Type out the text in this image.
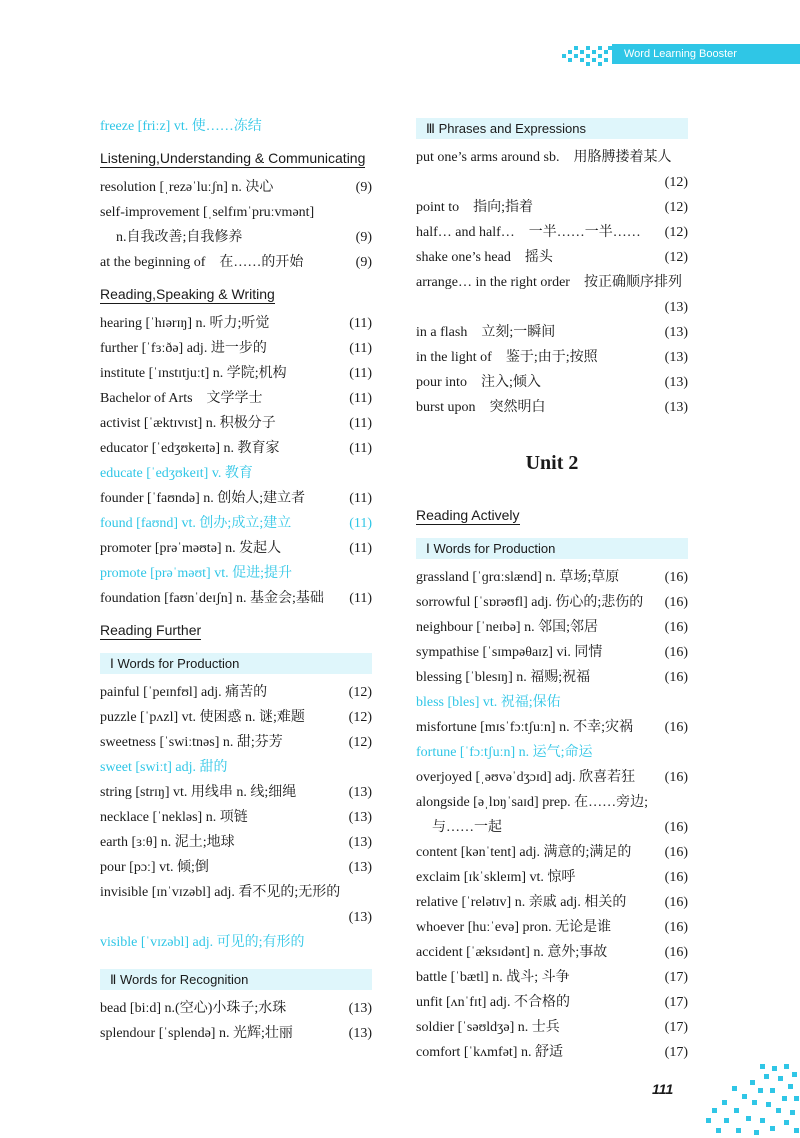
Word Learning Booster
freeze [friːz] vt. 使……冻结
Listening,Understanding & Communicating
resolution [ˌrezəˈluːʃn] n. 决心	(9)
self-improvement [ˌselfɪmˈpruːvmənt]
n.自我改善;自我修养	(9)
at the beginning of　在……的开始	(9)
Reading,Speaking & Writing
hearing [ˈhɪərɪŋ] n. 听力;听觉	(11)
further [ˈfɜːðə] adj. 进一步的	(11)
institute [ˈɪnstɪtjuːt] n. 学院;机构	(11)
Bachelor of Arts　文学学士	(11)
activist [ˈæktɪvɪst] n. 积极分子	(11)
educator [ˈedʒʊkeɪtə] n. 教育家	(11)
educate [ˈedʒʊkeɪt] v. 教育
founder [ˈfaʊndə] n. 创始人;建立者	(11)
found [faʊnd] vt. 创办;成立;建立	(11)
promoter [prəˈməʊtə] n. 发起人	(11)
promote [prəˈməʊt] vt. 促进;提升
foundation [faʊnˈdeɪʃn] n. 基金会;基础	(11)
Reading Further
Ⅰ Words for Production
painful [ˈpeɪnfʊl] adj. 痛苦的	(12)
puzzle [ˈpʌzl] vt. 使困惑 n. 谜;难题	(12)
sweetness [ˈswiːtnəs] n. 甜;芬芳	(12)
sweet [swiːt] adj. 甜的
string [strɪŋ] vt. 用线串 n. 线;细绳	(13)
necklace [ˈnekləs] n. 项链	(13)
earth [ɜːθ] n. 泥土;地球	(13)
pour [pɔː] vt. 倾;倒	(13)
invisible [ɪnˈvɪzəbl] adj. 看不见的;无形的
(13)
visible [ˈvɪzəbl] adj. 可见的;有形的
Ⅱ Words for Recognition
bead [biːd] n.(空心)小珠子;水珠	(13)
splendour [ˈsplendə] n. 光辉;壮丽	(13)
Ⅲ Phrases and Expressions
put one’s arms around sb.　用胳膊搂着某人
(12)
point to　指向;指着	(12)
half… and half…　一半……一半……	(12)
shake one’s head　摇头	(12)
arrange… in the right order　按正确顺序排列
(13)
in a flash　立刻;一瞬间	(13)
in the light of　鉴于;由于;按照	(13)
pour into　注入;倾入	(13)
burst upon　突然明白	(13)
Unit 2
Reading Actively
Ⅰ Words for Production
grassland [ˈɡrɑːslænd] n. 草场;草原	(16)
sorrowful [ˈsɒrəʊfl] adj. 伤心的;悲伤的	(16)
neighbour [ˈneɪbə] n. 邻国;邻居	(16)
sympathise [ˈsɪmpəθaɪz] vi. 同情	(16)
blessing [ˈblesɪŋ] n. 福赐;祝福	(16)
bless [bles] vt. 祝福;保佑
misfortune [mɪsˈfɔːtʃuːn] n. 不幸;灾祸	(16)
fortune [ˈfɔːtʃuːn] n. 运气;命运
overjoyed [ˌəʊvəˈdʒɔɪd] adj. 欣喜若狂	(16)
alongside [əˌlɒŋˈsaɪd] prep. 在……旁边;
与……一起	(16)
content [kənˈtent] adj. 满意的;满足的	(16)
exclaim [ɪkˈskleɪm] vt. 惊呼	(16)
relative [ˈrelətɪv] n. 亲戚 adj. 相关的	(16)
whoever [huːˈevə] pron. 无论是谁	(16)
accident [ˈæksɪdənt] n. 意外;事故	(16)
battle [ˈbætl] n. 战斗; 斗争	(17)
unfit [ʌnˈfɪt] adj. 不合格的	(17)
soldier [ˈsəʊldʒə] n. 士兵	(17)
comfort [ˈkʌmfət] n. 舒适	(17)
111
